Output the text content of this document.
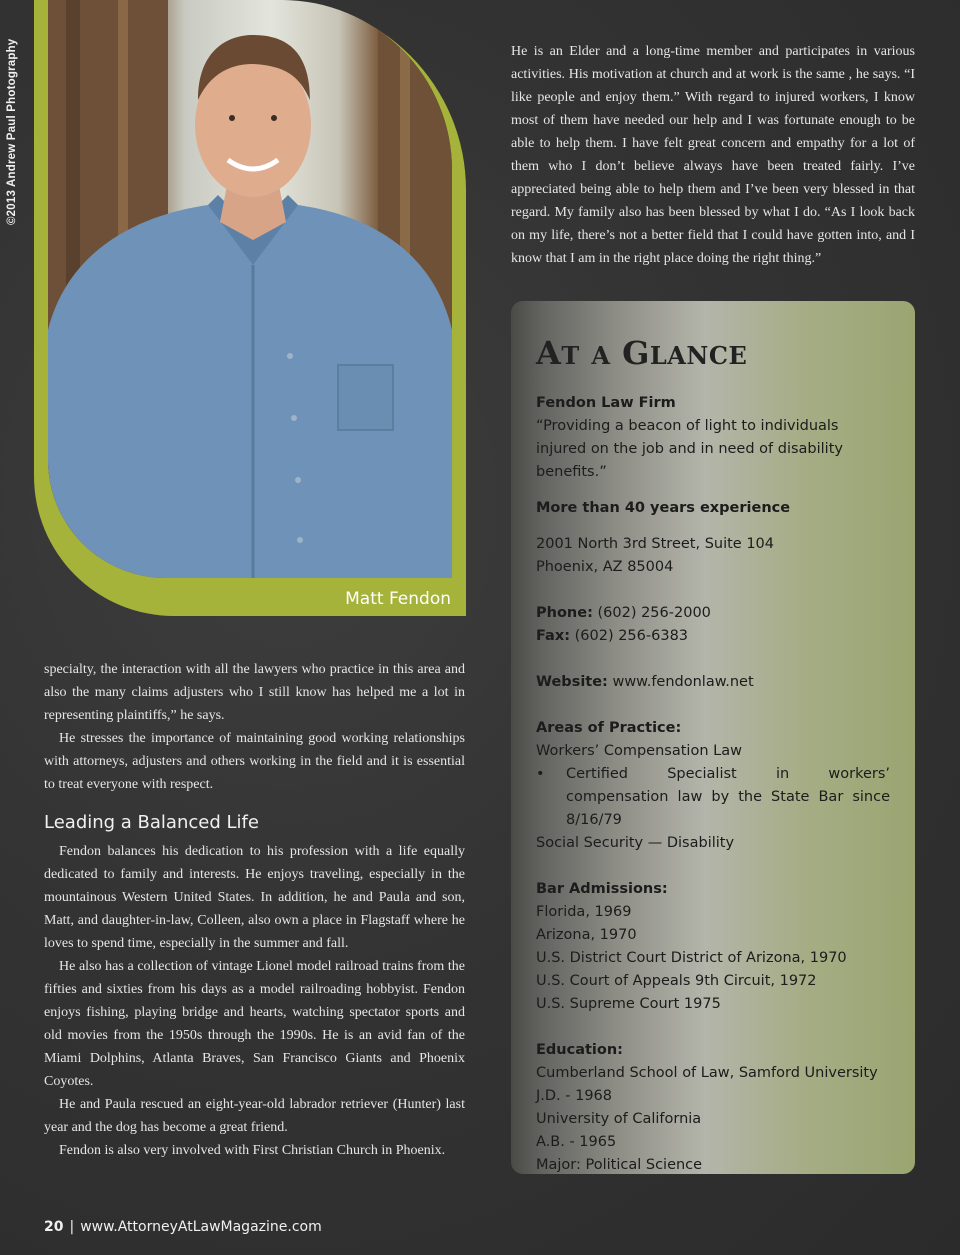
©2013 Andrew Paul Photography
Matt Fendon

He is an Elder and a long-time member and participates in various activities. His motivation at church and at work is the same , he says. “I like people and enjoy them.” With regard to injured workers, I know most of them have needed our help and I was fortunate enough to be able to help them. I have felt great concern and empathy for a lot of them who I don’t believe always have been treated fairly. I’ve appreciated being able to help them and I’ve been very blessed in that regard. My family also has been blessed by what I do. “As I look back on my life, there’s not a better field that I could have gotten into, and I know that I am in the right place doing the right thing.”

AT A GLANCE
Fendon Law Firm
“Providing a beacon of light to individuals injured on the job and in need of disability benefits.”
More than 40 years experience
2001 North 3rd Street, Suite 104
Phoenix, AZ 85004
Phone: (602) 256-2000
Fax: (602) 256-6383
Website: www.fendonlaw.net
Areas of Practice:
Workers’ Compensation Law
•	Certified Specialist in workers’ compensation law by the State Bar since 8/16/79
Social Security — Disability
Bar Admissions:
Florida, 1969
Arizona, 1970
U.S. District Court District of Arizona, 1970
U.S. Court of Appeals 9th Circuit, 1972
U.S. Supreme Court 1975
Education:
Cumberland School of Law, Samford University
J.D. - 1968
University of California
A.B. - 1965
Major: Political Science

specialty, the interaction with all the lawyers who practice in this area and also the many claims adjusters who I still know has helped me a lot in representing plaintiffs,” he says.

He stresses the importance of maintaining good working relationships with attorneys, adjusters and others working in the field and it is essential to treat everyone with respect.

Leading a Balanced Life

Fendon balances his dedication to his profession with a life equally dedicated to family and interests. He enjoys traveling, especially in the mountainous Western United States. In addition, he and Paula and son, Matt, and daughter-in-law, Colleen, also own a place in Flagstaff where he loves to spend time, especially in the summer and fall.

He also has a collection of vintage Lionel model railroad trains from the fifties and sixties from his days as a model railroading hobbyist. Fendon enjoys fishing, playing bridge and hearts, watching spectator sports and old movies from the 1950s through the 1990s. He is an avid fan of the Miami Dolphins, Atlanta Braves, San Francisco Giants and Phoenix Coyotes.

He and Paula rescued an eight-year-old labrador retriever (Hunter) last year and the dog has become a great friend.

Fendon is also very involved with First Christian Church in Phoenix.

20 | www.AttorneyAtLawMagazine.com
